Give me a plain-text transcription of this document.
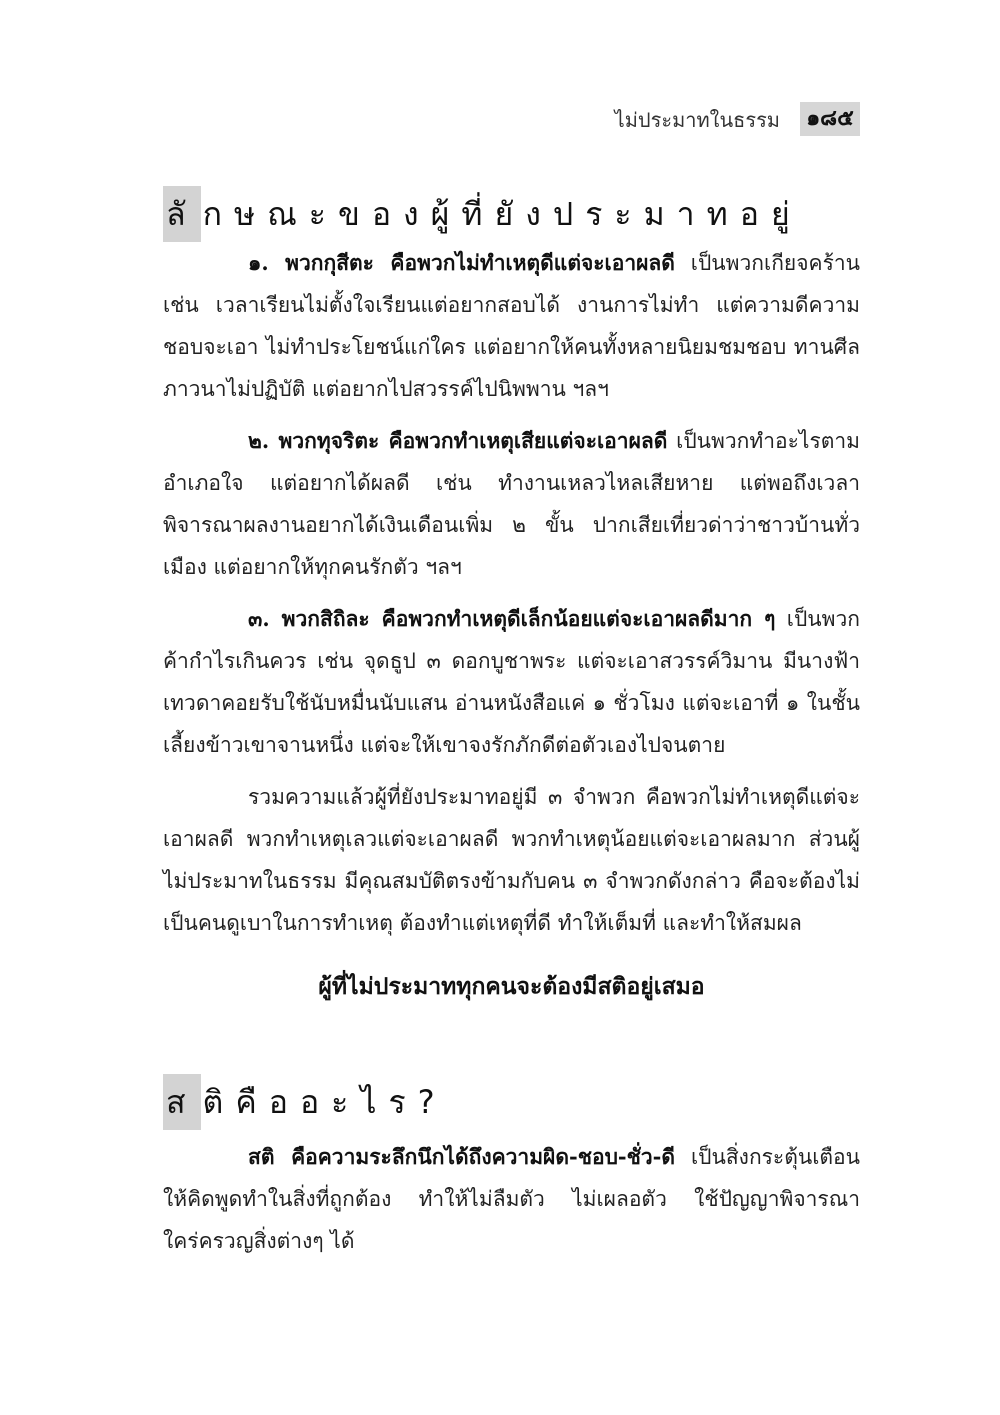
ไม่ประมาทในธรรม ๑๘๕
ลั กษณะของผู้ที่ยังประมาทอยู่

๑. พวกกุสีตะ คือพวกไม่ทำเหตุดีแต่จะเอาผลดี เป็นพวกเกียจคร้าน เช่น เวลาเรียนไม่ตั้งใจเรียนแต่อยากสอบได้ งานการไม่ทำ แต่ความดีความชอบจะเอา ไม่ทำประโยชน์แก่ใคร แต่อยากให้คนทั้งหลายนิยมชมชอบ ทานศีลภาวนาไม่ปฏิบัติ แต่อยากไปสวรรค์ไปนิพพาน ฯลฯ

๒. พวกทุจริตะ คือพวกทำเหตุเสียแต่จะเอาผลดี เป็นพวกทำอะไรตามอำเภอใจ แต่อยากได้ผลดี เช่น ทำงานเหลวไหลเสียหาย แต่พอถึงเวลาพิจารณาผลงานอยากได้เงินเดือนเพิ่ม ๒ ขั้น ปากเสียเที่ยวด่าว่าชาวบ้านทั่วเมือง แต่อยากให้ทุกคนรักตัว ฯลฯ

๓. พวกสิถิละ คือพวกทำเหตุดีเล็กน้อยแต่จะเอาผลดีมาก ๆ เป็นพวกค้ากำไรเกินควร เช่น จุดธูป ๓ ดอกบูชาพระ แต่จะเอาสวรรค์วิมาน มีนางฟ้าเทวดาคอยรับใช้นับหมื่นนับแสน อ่านหนังสือแค่ ๑ ชั่วโมง แต่จะเอาที่ ๑ ในชั้น เลี้ยงข้าวเขาจานหนึ่ง แต่จะให้เขาจงรักภักดีต่อตัวเองไปจนตาย

รวมความแล้วผู้ที่ยังประมาทอยู่มี ๓ จำพวก คือพวกไม่ทำเหตุดีแต่จะเอาผลดี พวกทำเหตุเลวแต่จะเอาผลดี พวกทำเหตุน้อยแต่จะเอาผลมาก ส่วนผู้ไม่ประมาทในธรรม มีคุณสมบัติตรงข้ามกับคน ๓ จำพวกดังกล่าว คือจะต้องไม่เป็นคนดูเบาในการทำเหตุ ต้องทำแต่เหตุที่ดี ทำให้เต็มที่ และทำให้สมผล

ผู้ที่ไม่ประมาททุกคนจะต้องมีสติอยู่เสมอ

ส ติคืออะไร?

สติ คือความระลึกนึกได้ถึงความผิด-ชอบ-ชั่ว-ดี เป็นสิ่งกระตุ้นเตือนให้คิดพูดทำในสิ่งที่ถูกต้อง ทำให้ไม่ลืมตัว ไม่เผลอตัว ใช้ปัญญาพิจารณาใคร่ครวญสิ่งต่างๆ ได้
